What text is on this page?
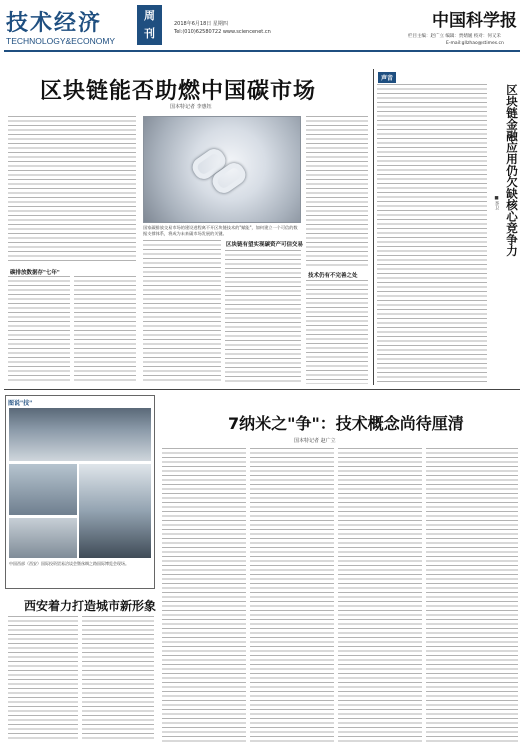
技术经济	周
刊
TECHNOLOGY&ECONOMY
2018年6月18日 星期四
Tel:(010)62580722 www.sciencenet.cn
中国科学报
栏目主编：赵广立 编辑：贾婧媛 校对：何又禾
E-mail:gllzhao@stimes.cn
区块链能否助燃中国碳市场
国本特记者 李惠钰
碳排放数据存"七年"
国家碳排放交易市场的建设进程离不开区块链技术的"赋能"，如何建立一个可信的数据支撑体系，将成为未来碳市场发展的关键。
区块链有望实现碳资产可信交易
技术仍有不完善之处
声音
区块链金融应用仍欠缺核心竞争力
■李卫
图说"技"
中国西部（西安）国际投资贸易洽谈会暨丝绸之路国际博览会现场。
西安着力打造城市新形象
7纳米之"争"：技术概念尚待厘清
国本特记者 赵广立
